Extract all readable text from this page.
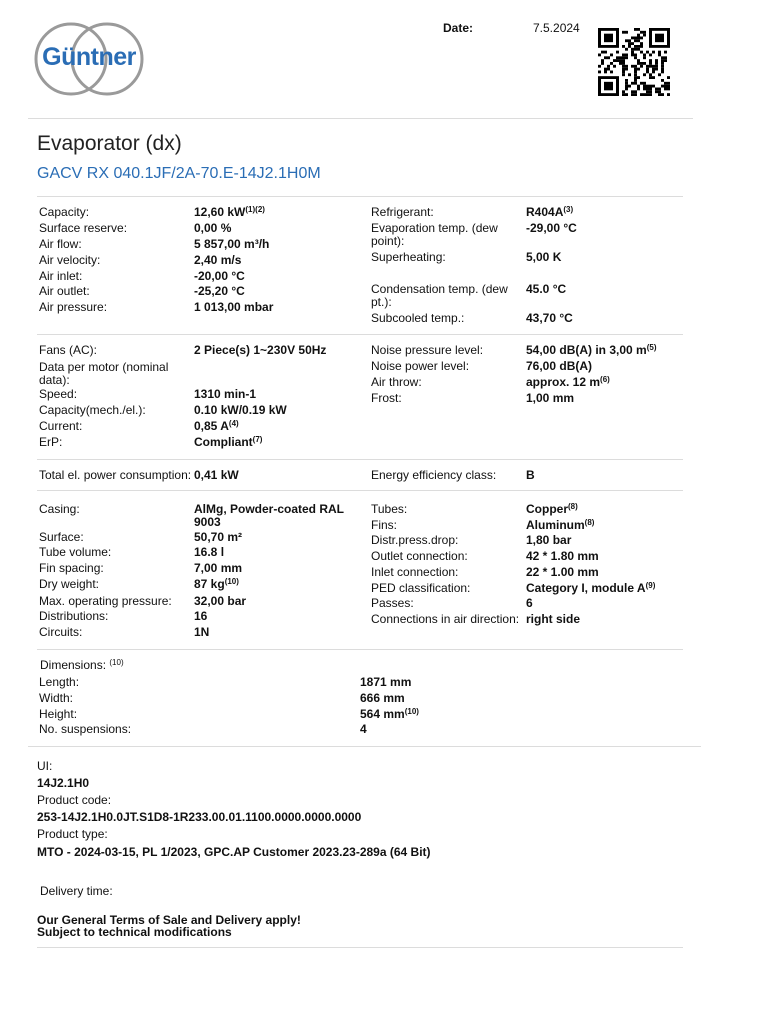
Güntner
Date:	7.5.2024
Evaporator (dx)
GACV RX 040.1JF/2A-70.E-14J2.1H0M
Capacity:	12,60 $kW^{(1)(2)}$
Surface reserve:	0,00 %
Air flow:	5 857,00 m³/h
Air velocity:	2,40 m/s
Air inlet:	-20,00 °C
Air outlet:	-25,20 °C
Air pressure:	1 013,00 mbar
Refrigerant:	$R404A^{(3)}$
Evaporation temp. (dew point):
-29,00 °C
Superheating:	5,00 K
Condensation temp. (dew pt.):
45.0 °C
Subcooled temp.:	43,70 °C
Fans (AC):	2 Piece(s) 1~230V 50Hz
Data per motor (nominal data):
Speed:	1310 min-1
Capacity(mech./el.):	0.10 kW/0.19 kW
Current:	0,85 $A^{(4)}$
ErP:	Compliant$^{(7)}$
Noise pressure level:	54,00 dB(A) in 3,00 $m^{(5)}$
Noise power level:	76,00 dB(A)
Air throw:	approx. 12 $m^{(6)}$
Frost:	1,00 mm
Total el. power consumption: 0,41 kW	Energy efficiency class:	B
Casing:	AlMg, Powder-coated RAL 9003
Surface:	50,70 m²
Tube volume:	16.8 l
Fin spacing:	7,00 mm
Dry weight:	87 $kg^{(10)}$
Max. operating pressure:	32,00 bar
Distributions:	16
Circuits:	1N
Tubes:	Copper$^{(8)}$
Fins:	Aluminum$^{(8)}$
Distr.press.drop:	1,80 bar
Outlet connection:	42 * 1.80 mm
Inlet connection:	22 * 1.00 mm
PED classification:	Category I, module $A^{(9)}$
Passes:	6
Connections in air direction: right side
Length:	1871 mm
Width:	666 mm
Height:	564 $mm^{(10)}$
No. suspensions:	4
Dimensions: $^{(10)}$
UI:
14J2.1H0
Product code:
253-14J2.1H0.0JT.S1D8-1R233.00.01.1100.0000.0000.0000
Product type:
MTO - 2024-03-15, PL 1/2023, GPC.AP Customer 2023.23-289a (64 Bit)
Delivery time:
Our General Terms of Sale and Delivery apply!
Subject to technical modifications
